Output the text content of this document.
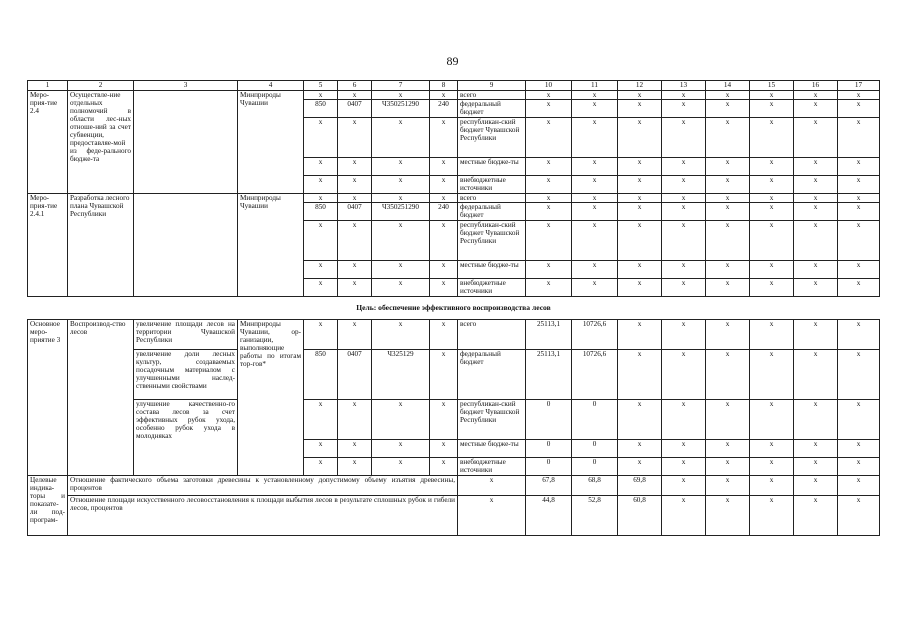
89
1	2	3	4	5	6	7	8	9	10	11	12	13	14	15	16	17
Меро-прия-тие 2.4	Осуществле-ние отдельных полномочий в области лес-ных отноше-ний за счет субвенции, предоставляе-мой из феде-рального бюдже-та		Минприроды Чувашии	x	x	x	x	всего	x	x	x	x	x	x	x	x
				850	0407	Ч350251290	240	федеральный бюджет	x	x	x	x	x	x	x	x
				x	x	x	x	республикан-ский бюджет Чувашской Республики	x	x	x	x	x	x	x	x
				x	x	x	x	местные бюдже-ты	x	x	x	x	x	x	x	x
				x	x	x	x	внебюджетные источники	x	x	x	x	x	x	x	x
Меро-прия-тие 2.4.1	Разработка лесного плана Чувашской Республики		Минприроды Чувашии	x	x	x	x	всего	x	x	x	x	x	x	x	x
				850	0407	Ч350251290	240	федеральный бюджет	x	x	x	x	x	x	x	x
				x	x	x	x	республикан-ский бюджет Чувашской Республики	x	x	x	x	x	x	x	x
				x	x	x	x	местные бюдже-ты	x	x	x	x	x	x	x	x
				x	x	x	x	внебюджетные источники	x	x	x	x	x	x	x	x
Цель: обеспечение эффективного воспроизводства лесов																
Основное меро-приятие 3	Воспроизвод-ство лесов	увеличение площади лесов на территории Чувашской Республики	Минприроды Чувашии, ор-ганизации, выполняющие работы по итогам тор-гов*	x	x	x	x	всего	25113,1	10726,6	x	x	x	x	x	x
		увеличение доли лесных культур, создаваемых посадочным материалом с улучшенными наслед-ственными свойствами		850	0407	Ч325129	x	федеральный бюджет	25113,1	10726,6	x	x	x	x	x	x
		улучшение качественно-го состава лесов за счет эффективных рубок ухода, особенно рубок ухода в молодняках		x	x	x	x	республикан-ский бюджет Чувашской Республики	0	0	x	x	x	x	x	x
				x	x	x	x	местные бюдже-ты	0	0	x	x	x	x	x	x
				x	x	x	x	внебюджетные источники	0	0	x	x	x	x	x	x
Целевые индика-торы и показате-ли под-програм-	Отношение фактического объема заготовки древесины к установленному допустимому объему изъятия древесины, процентов							x	67,8	68,8	69,8	x	x	x	x	x
	Отношение площади искусственного лесовосстановления к площади выбытия лесов в результате сплошных рубок и гибели лесов, процентов							x	44,8	52,8	60,8	x	x	x	x	x
